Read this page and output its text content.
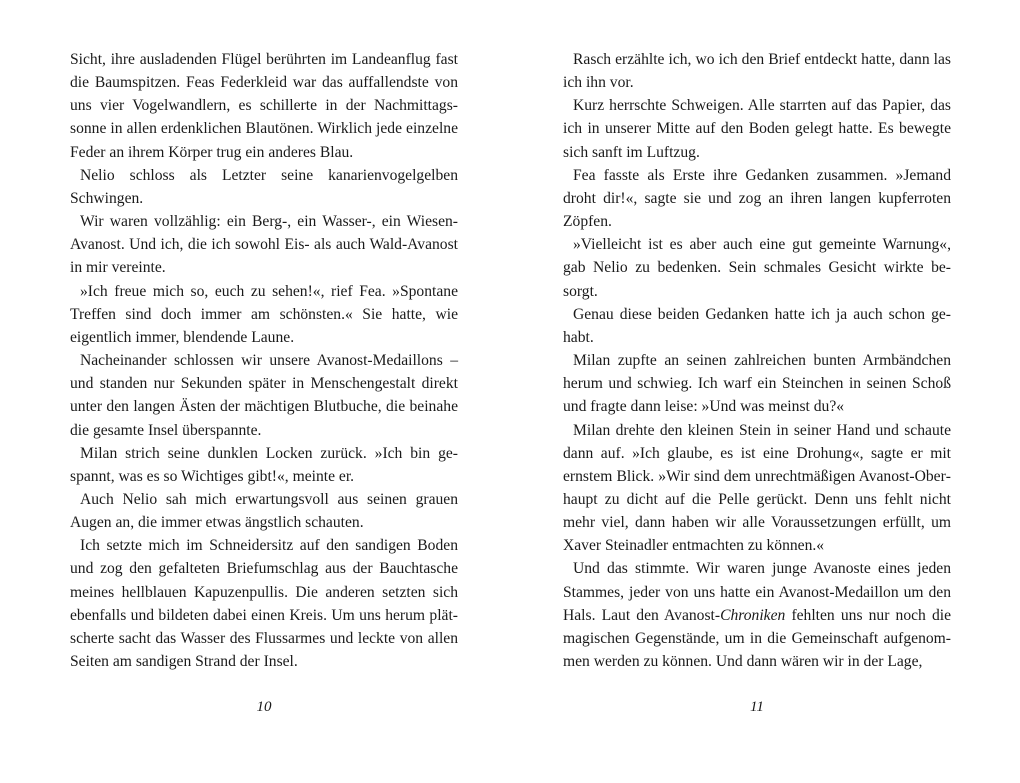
Sicht, ihre ausladenden Flügel berührten im Landeanflug fast die Baumspitzen. Feas Federkleid war das auffallendste von uns vier Vogelwandlern, es schillerte in der Nachmittagssonne in allen erdenklichen Blautönen. Wirklich jede einzelne Feder an ihrem Körper trug ein anderes Blau.

Nelio schloss als Letzter seine kanarienvogelgelben Schwingen.

Wir waren vollzählig: ein Berg-, ein Wasser-, ein Wiesen-Avanost. Und ich, die ich sowohl Eis- als auch Wald-Avanost in mir vereinte.

»Ich freue mich so, euch zu sehen!«, rief Fea. »Spontane Treffen sind doch immer am schönsten.« Sie hatte, wie eigentlich immer, blendende Laune.

Nacheinander schlossen wir unsere Avanost-Medaillons – und standen nur Sekunden später in Menschengestalt direkt unter den langen Ästen der mächtigen Blutbuche, die beinahe die gesamte Insel überspannte.

Milan strich seine dunklen Locken zurück. »Ich bin gespannt, was es so Wichtiges gibt!«, meinte er.

Auch Nelio sah mich erwartungsvoll aus seinen grauen Augen an, die immer etwas ängstlich schauten.

Ich setzte mich im Schneidersitz auf den sandigen Boden und zog den gefalteten Briefumschlag aus der Bauchtasche meines hellblauen Kapuzenpullis. Die anderen setzten sich ebenfalls und bildeten dabei einen Kreis. Um uns herum plätscherte sacht das Wasser des Flussarmes und leckte von allen Seiten am sandigen Strand der Insel.

10

Rasch erzählte ich, wo ich den Brief entdeckt hatte, dann las ich ihn vor.

Kurz herrschte Schweigen. Alle starrten auf das Papier, das ich in unserer Mitte auf den Boden gelegt hatte. Es bewegte sich sanft im Luftzug.

Fea fasste als Erste ihre Gedanken zusammen. »Jemand droht dir!«, sagte sie und zog an ihren langen kupferroten Zöpfen.

»Vielleicht ist es aber auch eine gut gemeinte Warnung«, gab Nelio zu bedenken. Sein schmales Gesicht wirkte besorgt.

Genau diese beiden Gedanken hatte ich ja auch schon gehabt.

Milan zupfte an seinen zahlreichen bunten Armbändchen herum und schwieg. Ich warf ein Steinchen in seinen Schoß und fragte dann leise: »Und was meinst du?«

Milan drehte den kleinen Stein in seiner Hand und schaute dann auf. »Ich glaube, es ist eine Drohung«, sagte er mit ernstem Blick. »Wir sind dem unrechtmäßigen Avanost-Oberhaupt zu dicht auf die Pelle gerückt. Denn uns fehlt nicht mehr viel, dann haben wir alle Voraussetzungen erfüllt, um Xaver Steinadler entmachten zu können.«

Und das stimmte. Wir waren junge Avanoste eines jeden Stammes, jeder von uns hatte ein Avanost-Medaillon um den Hals. Laut den Avanost-Chroniken fehlten uns nur noch die magischen Gegenstände, um in die Gemeinschaft aufgenommen werden zu können. Und dann wären wir in der Lage,

11
